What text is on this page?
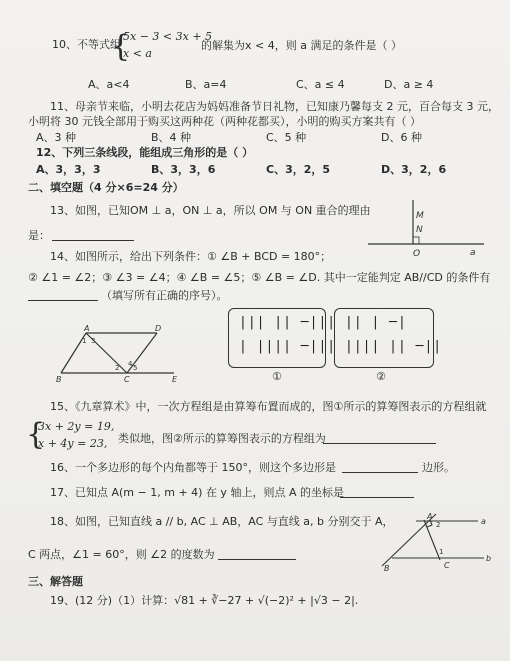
10、不等式组
{
5x − 3 < 3x + 5
x < a
的解集为x < 4，则 a 满足的条件是（ ）
A、a<4	B、a=4	C、a ≤ 4	D、a ≥ 4
11、母亲节来临，小明去花店为妈妈准备节日礼物，已知康乃馨每支 2 元，百合每支 3 元，
小明将 30 元钱全部用于购买这两种花（两种花都买），小明的购买方案共有（ ）
A、3 种	B、4 种	C、5 种	D、6 种
12、下列三条线段，能组成三角形的是（ ）
A、3，3，3	B、3，3，6	C、3，2，5	D、3，2，6
二、填空题（4 分×6=24 分）
13、如图，已知OM ⊥ a，ON ⊥ a，所以 OM 与 ON 重合的理由
是：
M
N
O	a
14、如图所示，给出下列条件：① ∠B + BCD = 180°；
② ∠1 = ∠2；③ ∠3 = ∠4；④ ∠B = ∠5；⑤ ∠B = ∠D. 其中一定能判定 AB//CD 的条件有
（填写所有正确的序号）。
A	D
B	C	E
1 3
2 4 5
||| || ─|||
| |||| ─|||
|| | ─|
|||| || ─||
①	②
15、《九章算术》中，一次方程组是由算筹布置而成的，图①所示的算筹图表示的方程组就
{
3x + 2y = 19,
x + 4y = 23, 类似地，图②所示的算筹图表示的方程组为
16、一个多边形的每个内角都等于 150°，则这个多边形是	边形。
17、已知点 A(m − 1, m + 4) 在 y 轴上，则点 A 的坐标是
18、如图，已知直线 a // b, AC ⊥ AB，AC 与直线 a, b 分别交于 A，
C 两点，∠1 = 60°，则 ∠2 的度数为
A
a
b
B	C
1
2
三、解答题
19、(12 分)（1）计算：√81 + ∛−27 + √(−2)² + |√3 − 2|.
